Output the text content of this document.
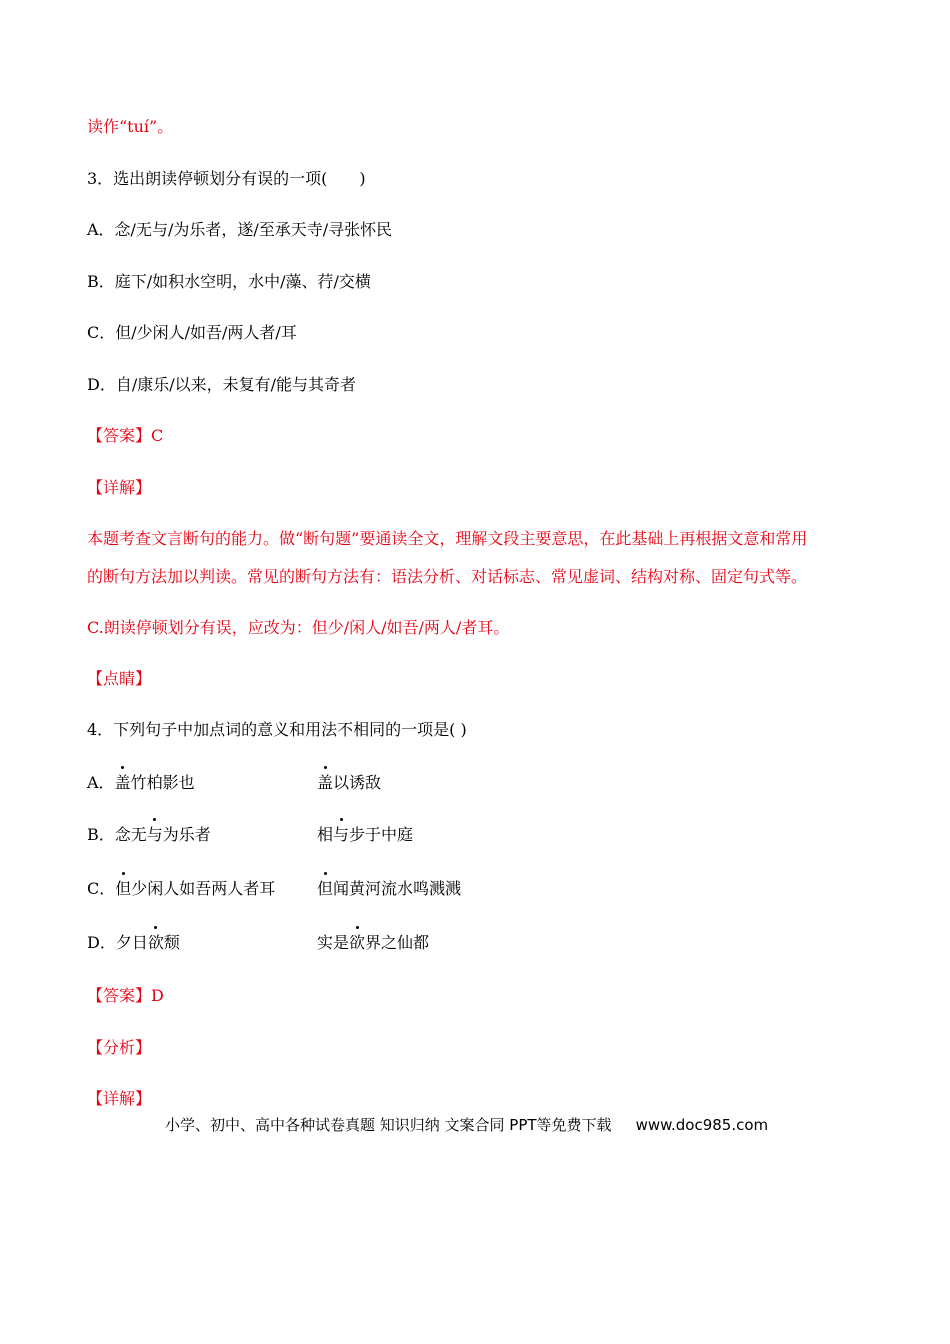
读作“tuí”。
3．选出朗读停顿划分有误的一项(　　)
A．念/无与/为乐者，遂/至承天寺/寻张怀民
B．庭下/如积水空明，水中/藻、荇/交横
C．但/少闲人/如吾/两人者/耳
D．自/康乐/以来，未复有/能与其奇者
【答案】C
【详解】
本题考查文言断句的能力。做“断句题”要通读全文，理解文段主要意思，在此基础上再根据文意和常用
的断句方法加以判读。常见的断句方法有：语法分析、对话标志、常见虚词、结构对称、固定句式等。
C.朗读停顿划分有误，应改为：但少/闲人/如吾/两人/者耳。
【点睛】
4．下列句子中加点词的意义和用法不相同的一项是( )
A．盖竹柏影也	盖以诱敌
B．念无与为乐者	相与步于中庭
C．但少闲人如吾两人者耳	但闻黄河流水鸣溅溅
D．夕日欲颓	实是欲界之仙都
【答案】D
【分析】
【详解】
小学、初中、高中各种试卷真题 知识归纳 文案合同 PPT等免费下载 www.doc985.com
